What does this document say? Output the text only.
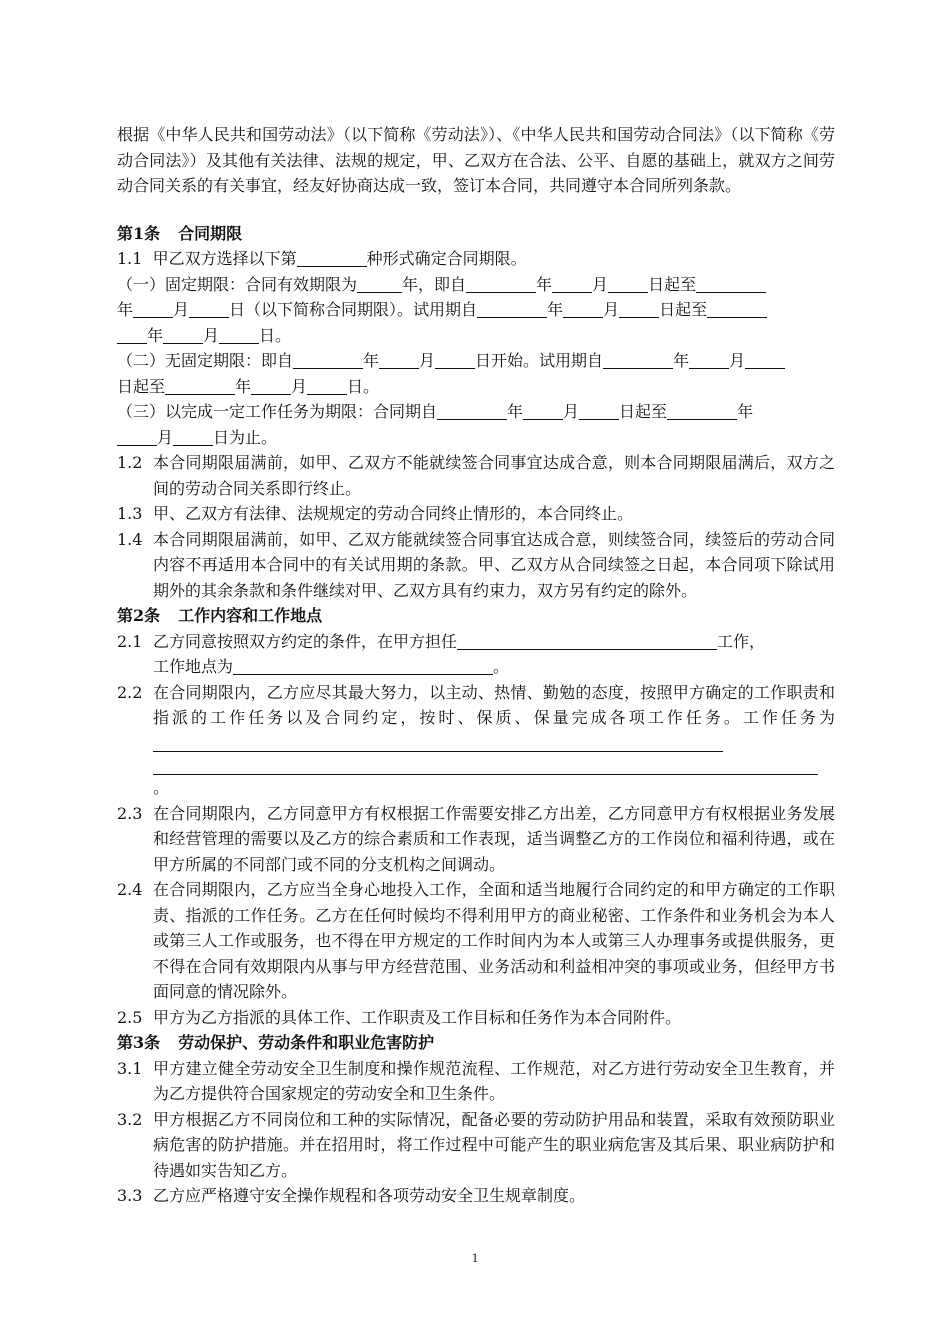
根据《中华人民共和国劳动法》（以下简称《劳动法》）、《中华人民共和国劳动合同法》（以下简称《劳动合同法》）及其他有关法律、法规的规定，甲、乙双方在合法、公平、自愿的基础上，就双方之间劳动合同关系的有关事宜，经友好协商达成一致，签订本合同，共同遵守本合同所列条款。

第1条 合同期限

1.1 甲乙双方选择以下第	种形式确定合同期限。

（一）固定期限：合同有效期限为	年，即自	年	月	日起至

年	月	日（以下简称合同期限）。试用期自	年	月	日起至

年	月	日。

（二）无固定期限：即自	年	月	日开始。试用期自	年	月

日起至	年	月	日。

（三）以完成一定工作任务为期限：合同期自	年	月	日起至	年

月	日为止。

1.2 本合同期限届满前，如甲、乙双方不能就续签合同事宜达成合意，则本合同期限届满后，双方之间的劳动合同关系即行终止。
1.3 甲、乙双方有法律、法规规定的劳动合同终止情形的，本合同终止。
1.4 本合同期限届满前，如甲、乙双方能就续签合同事宜达成合意，则续签合同，续签后的劳动合同内容不再适用本合同中的有关试用期的条款。甲、乙双方从合同续签之日起，本合同项下除试用期外的其余条款和条件继续对甲、乙双方具有约束力，双方另有约定的除外。

第2条 工作内容和工作地点

2.1 乙方同意按照双方约定的条件，在甲方担任	工作，
工作地点为	。
2.2 在合同期限内，乙方应尽其最大努力，以主动、热情、勤勉的态度，按照甲方确定的工作职责和指派的工作任务以及合同约定，按时、保质、保量完成各项工作任务。工作任务为
。
2.3 在合同期限内，乙方同意甲方有权根据工作需要安排乙方出差，乙方同意甲方有权根据业务发展和经营管理的需要以及乙方的综合素质和工作表现，适当调整乙方的工作岗位和福利待遇，或在甲方所属的不同部门或不同的分支机构之间调动。
2.4 在合同期限内，乙方应当全身心地投入工作，全面和适当地履行合同约定的和甲方确定的工作职责、指派的工作任务。乙方在任何时候均不得利用甲方的商业秘密、工作条件和业务机会为本人或第三人工作或服务，也不得在甲方规定的工作时间内为本人或第三人办理事务或提供服务，更不得在合同有效期限内从事与甲方经营范围、业务活动和利益相冲突的事项或业务，但经甲方书面同意的情况除外。
2.5 甲方为乙方指派的具体工作、工作职责及工作目标和任务作为本合同附件。

第3条 劳动保护、劳动条件和职业危害防护

3.1 甲方建立健全劳动安全卫生制度和操作规范流程、工作规范，对乙方进行劳动安全卫生教育，并为乙方提供符合国家规定的劳动安全和卫生条件。
3.2 甲方根据乙方不同岗位和工种的实际情况，配备必要的劳动防护用品和装置，采取有效预防职业病危害的防护措施。并在招用时，将工作过程中可能产生的职业病危害及其后果、职业病防护和待遇如实告知乙方。
3.3 乙方应严格遵守安全操作规程和各项劳动安全卫生规章制度。
1
